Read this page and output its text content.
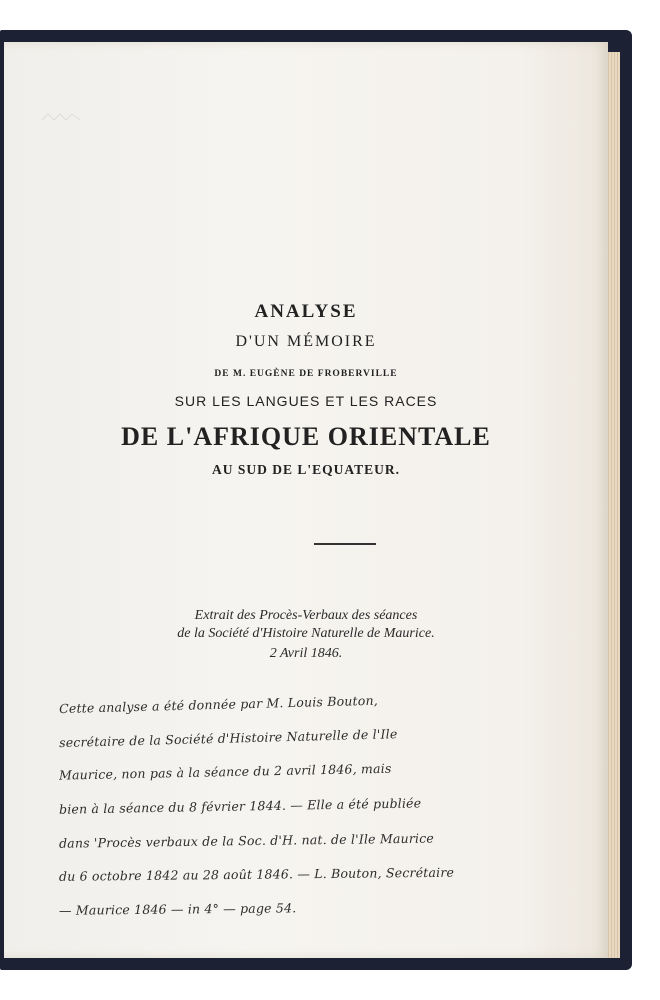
ANALYSE
D'UN MÉMOIRE
DE M. EUGÈNE DE FROBERVILLE
SUR LES LANGUES ET LES RACES
DE L'AFRIQUE ORIENTALE
AU SUD DE L'EQUATEUR.
Extrait des Procès-Verbaux des séances
de la Société d'Histoire Naturelle de Maurice.
2 Avril 1846.
Cette analyse a été donnée par M. Louis Bouton,
secrétaire de la Société d'Histoire Naturelle de l'Ile
Maurice, non pas à la séance du 2 avril 1846, mais
bien à la séance du 8 février 1844. — Elle a été publiée
dans 'Procès verbaux de la Soc. d'H. nat. de l'Ile Maurice
du 6 octobre 1842 au 28 août 1846. — L. Bouton, Secrétaire
— Maurice 1846 — in 4° — page 54.
